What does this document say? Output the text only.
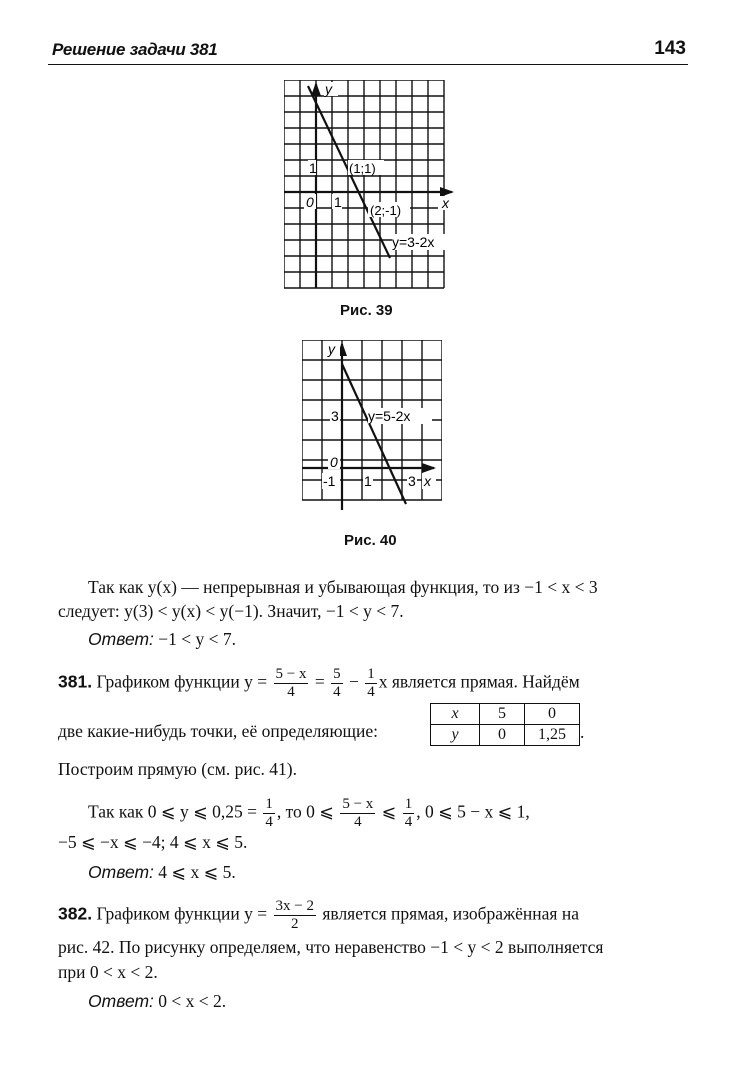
Решение задачи 381	143
y
x
0
1
1
(1;1)
(2;-1)
y=3-2x
Рис. 39
y
x
0
3
-1 1	3
y=5-2x
Рис. 40
Так как y(x) — непрерывная и убывающая функция, то из −1 < x < 3
следует: y(3) < y(x) < y(−1). Значит, −1 < y < 7.
Ответ: −1 < y < 7.
381. Графиком функции $y = \frac{5 - x}{4} = \frac{5}{4} - \frac{1}{4}$ x является прямая. Найдём
две какие-нибудь точки, её определяющие:
x	5	0
y	0	1,25 .
Построим прямую (см. рис. 41).
Так как 0 ⩽ y ⩽ $0,25 = \frac{1}{4}$ , то 0 ⩽ $\frac{5 - x}{4}$ ⩽ $\frac{1}{4}$ , 0 ⩽ 5 − x ⩽ 1,
−5 ⩽ −x ⩽ −4; 4 ⩽ x ⩽ 5.
Ответ: 4 ⩽ x ⩽ 5.
382. Графиком функции $y = \frac{3x - 2}{2}$ является прямая, изображённая на
рис. 42. По рисунку определяем, что неравенство −1 < y < 2 выполняется
при 0 < x < 2.
Ответ: 0 < x < 2.
